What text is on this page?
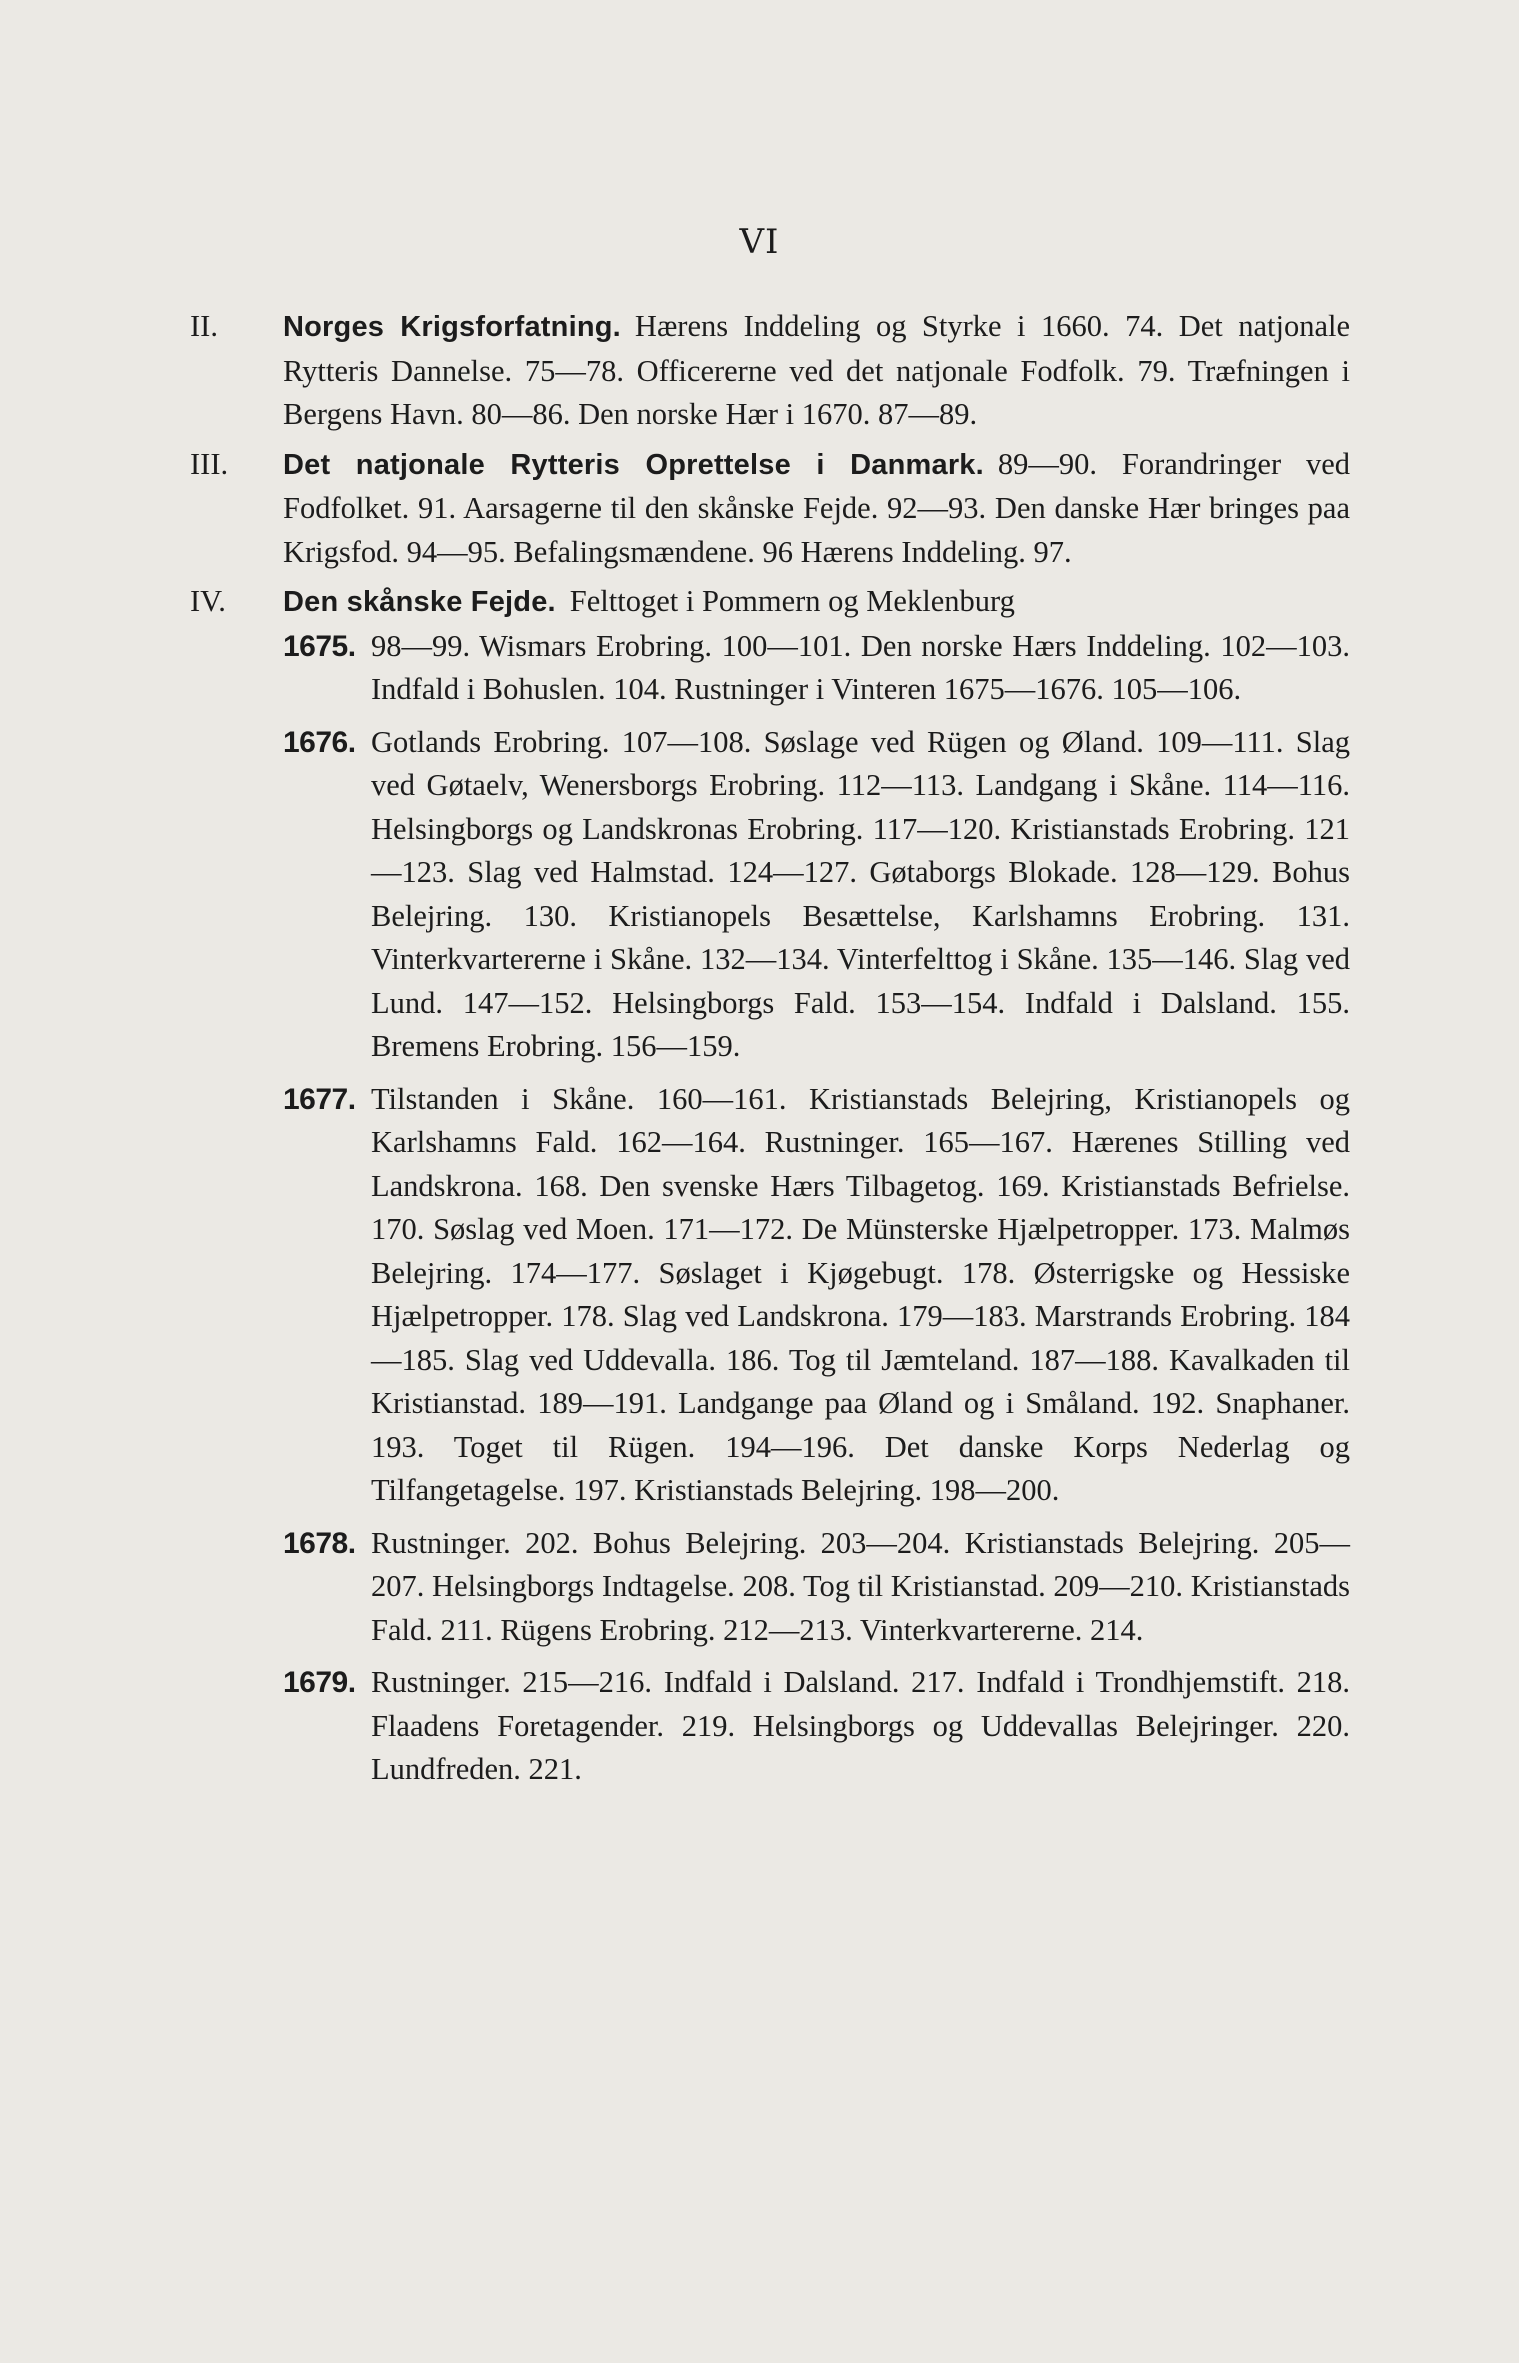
VI
II.	Norges Krigsforfatning. Hærens Inddeling og Styrke i 1660. 74. Det natjonale Rytteris Dannelse. 75—78. Officererne ved det natjonale Fodfolk. 79. Træfningen i Bergens Havn. 80—86. Den norske Hær i 1670. 87—89.

III.	Det natjonale Rytteris Oprettelse i Danmark. 89—90. Forandringer ved Fodfolket. 91. Aarsagerne til den skånske Fejde. 92—93. Den danske Hær bringes paa Krigsfod. 94—95. Befalingsmændene. 96 Hærens Inddeling. 97.

IV.	Den skånske Fejde. Felttoget i Pommern og Meklenburg

1675. 98—99. Wismars Erobring. 100—101. Den norske Hærs Inddeling. 102—103. Indfald i Bohuslen. 104. Rustninger i Vinteren 1675—1676. 105—106.

1676. Gotlands Erobring. 107—108. Søslage ved Rügen og Øland. 109—111. Slag ved Gøtaelv, Wenersborgs Erobring. 112—113. Landgang i Skåne. 114—116. Helsingborgs og Landskronas Erobring. 117—120. Kristianstads Erobring. 121—123. Slag ved Halmstad. 124—127. Gøtaborgs Blokade. 128—129. Bohus Belejring. 130. Kristianopels Besættelse, Karlshamns Erobring. 131. Vinterkvartererne i Skåne. 132—134. Vinterfelttog i Skåne. 135—146. Slag ved Lund. 147—152. Helsingborgs Fald. 153—154. Indfald i Dalsland. 155. Bremens Erobring. 156—159.

1677. Tilstanden i Skåne. 160—161. Kristianstads Belejring, Kristianopels og Karlshamns Fald. 162—164. Rustninger. 165—167. Hærenes Stilling ved Landskrona. 168. Den svenske Hærs Tilbagetog. 169. Kristianstads Befrielse. 170. Søslag ved Moen. 171—172. De Münsterske Hjælpetropper. 173. Malmøs Belejring. 174—177. Søslaget i Kjøgebugt. 178. Østerrigske og Hessiske Hjælpetropper. 178. Slag ved Landskrona. 179—183. Marstrands Erobring. 184—185. Slag ved Uddevalla. 186. Tog til Jæmteland. 187—188. Kavalkaden til Kristianstad. 189—191. Landgange paa Øland og i Småland. 192. Snaphaner. 193. Toget til Rügen. 194—196. Det danske Korps Nederlag og Tilfangetagelse. 197. Kristianstads Belejring. 198—200.

1678. Rustninger. 202. Bohus Belejring. 203—204. Kristianstads Belejring. 205—207. Helsingborgs Indtagelse. 208. Tog til Kristianstad. 209—210. Kristianstads Fald. 211. Rügens Erobring. 212—213. Vinterkvartererne. 214.

1679. Rustninger. 215—216. Indfald i Dalsland. 217. Indfald i Trondhjemstift. 218. Flaadens Foretagender. 219. Helsingborgs og Uddevallas Belejringer. 220. Lundfreden. 221.
